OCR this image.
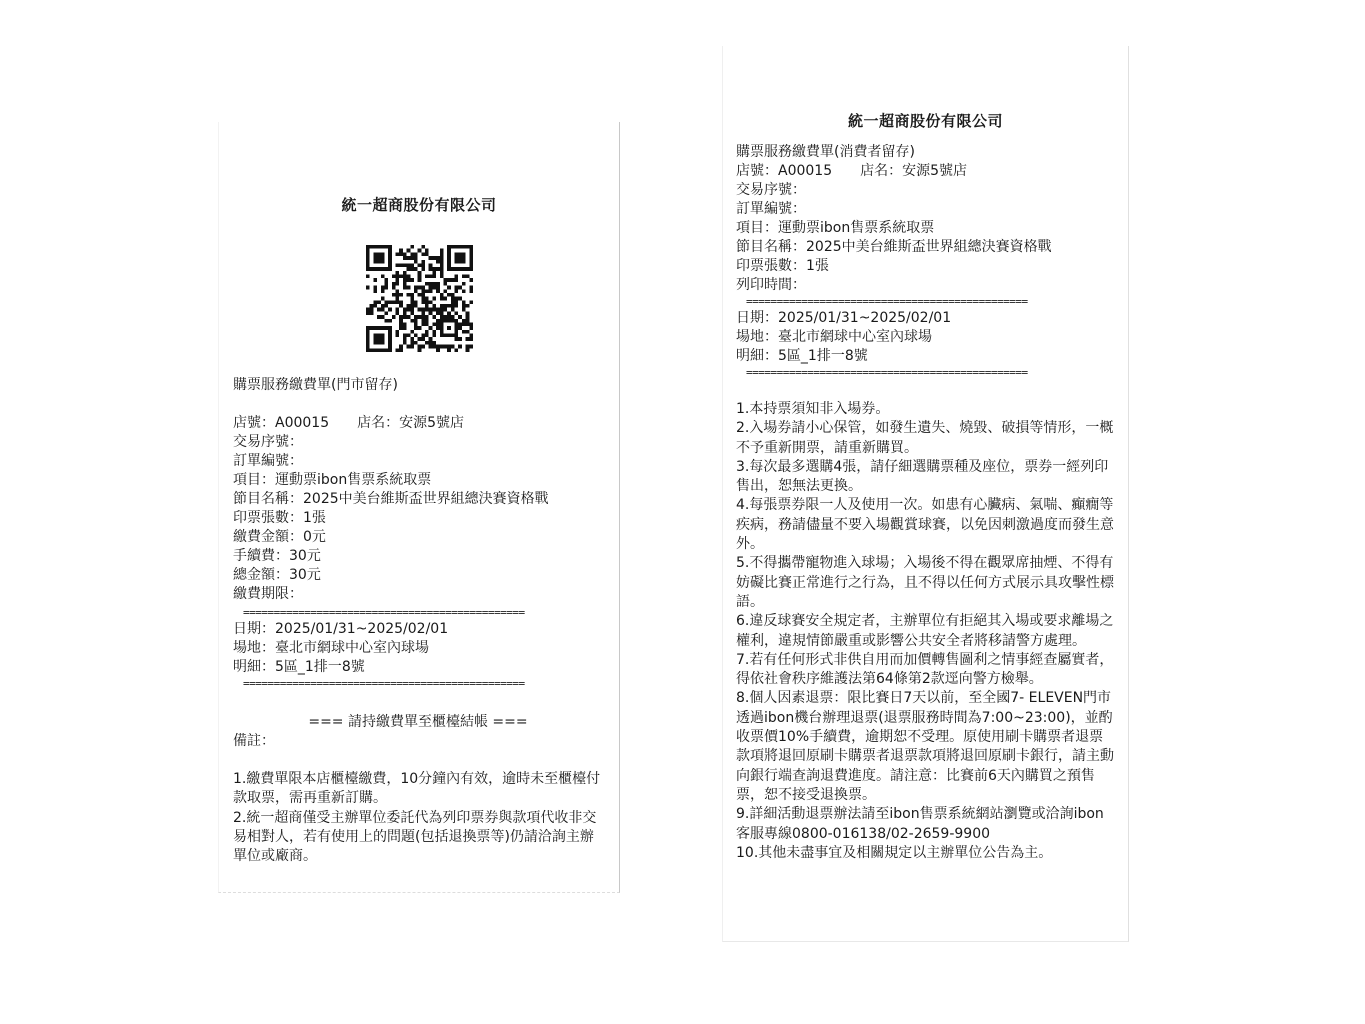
統一超商股份有限公司
購票服務繳費單(門市留存)
店號：A00015 店名：安源5號店
交易序號：
訂單編號：
項目：運動票ibon售票系統取票
節目名稱：2025中美台維斯盃世界組總決賽資格戰
印票張數：1張
繳費金額：0元
手續費：30元
總金額：30元
繳費期限：
==============================================
日期：2025/01/31~2025/02/01
場地：臺北市網球中心室內球場
明細：5區_1排一8號
==============================================
=== 請持繳費單至櫃檯結帳 ===
備註：

1.繳費單限本店櫃檯繳費，10分鐘內有效，逾時未至櫃檯付款取票，需再重新訂購。

2.統一超商僅受主辦單位委託代為列印票券與款項代收非交易相對人，若有使用上的問題(包括退換票等)仍請洽詢主辦單位或廠商。

統一超商股份有限公司
購票服務繳費單(消費者留存)
店號：A00015 店名：安源5號店
交易序號：
訂單編號：
項目：運動票ibon售票系統取票
節目名稱：2025中美台維斯盃世界組總決賽資格戰
印票張數：1張
列印時間：
==============================================
日期：2025/01/31~2025/02/01
場地：臺北市網球中心室內球場
明細：5區_1排一8號
==============================================

1.本持票須知非入場券。

2.入場券請小心保管，如發生遺失、燒毀、破損等情形，一概不予重新開票，請重新購買。

3.每次最多選購4張，請仔細選購票種及座位，票券一經列印售出，恕無法更換。

4.每張票券限一人及使用一次。如患有心臟病、氣喘、癲癇等疾病，務請儘量不要入場觀賞球賽，以免因刺激過度而發生意外。

5.不得攜帶寵物進入球場；入場後不得在觀眾席抽煙、不得有妨礙比賽正常進行之行為，且不得以任何方式展示具攻擊性標語。

6.違反球賽安全規定者，主辦單位有拒絕其入場或要求離場之權利，違規情節嚴重或影響公共安全者將移請警方處理。

7.若有任何形式非供自用而加價轉售圖利之情事經查屬實者，得依社會秩序維護法第64條第2款逕向警方檢舉。

8.個人因素退票：限比賽日7天以前，至全國7- ELEVEN門市透過ibon機台辦理退票(退票服務時間為7:00~23:00)，並酌收票價10%手續費，逾期恕不受理。原使用刷卡購票者退票款項將退回原刷卡購票者退票款項將退回原刷卡銀行，請主動向銀行端查詢退費進度。請注意：比賽前6天內購買之預售票，恕不接受退換票。

9.詳細活動退票辦法請至ibon售票系統網站瀏覽或洽詢ibon客服專線0800-016138/02-2659-9900

10.其他未盡事宜及相關規定以主辦單位公告為主。
